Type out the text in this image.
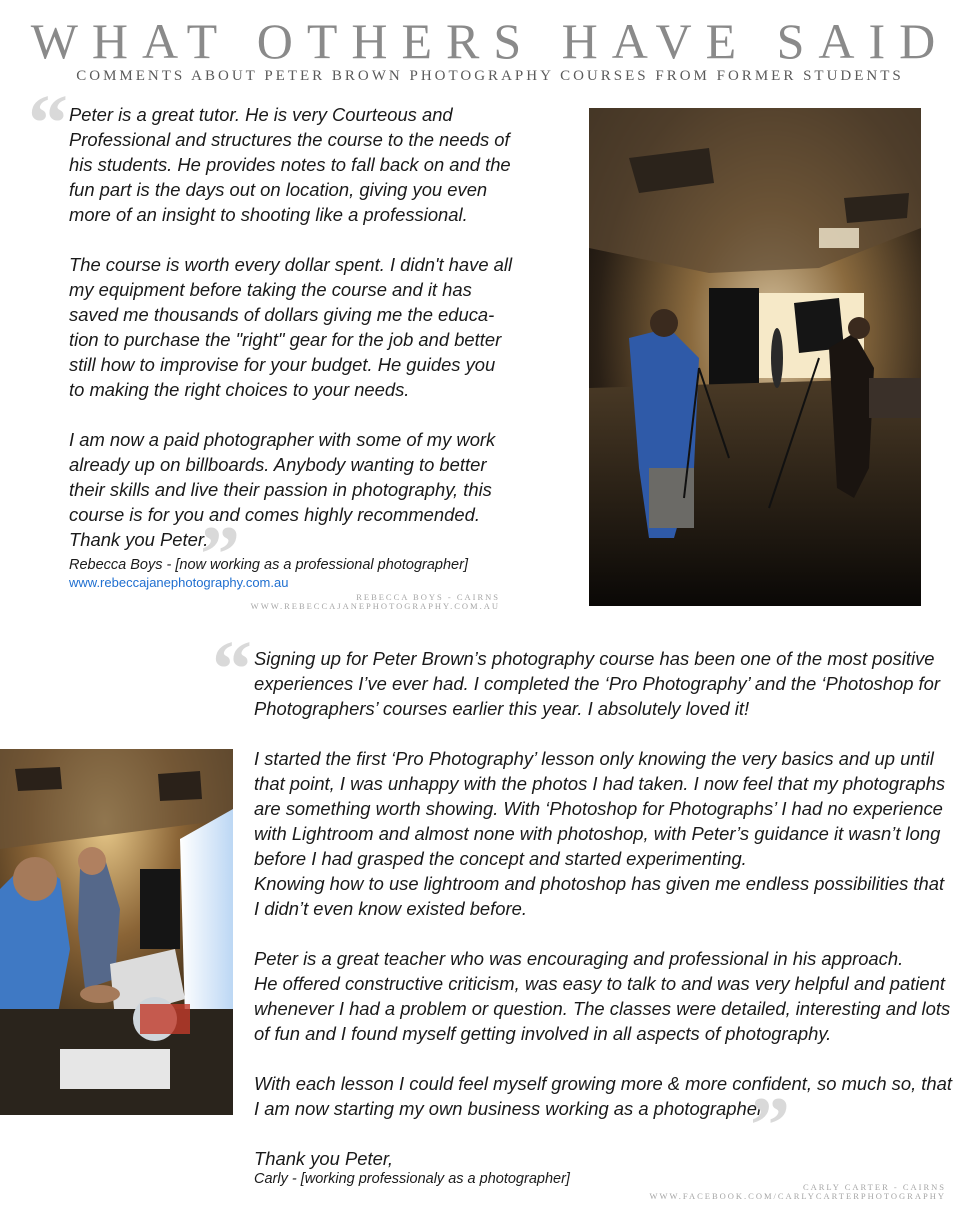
WHAT OTHERS HAVE SAID
COMMENTS ABOUT PETER BROWN PHOTOGRAPHY COURSES FROM FORMER STUDENTS
“ Peter is a great tutor. He is very Courteous and Professional and structures the course to the needs of his students. He provides notes to fall back on and the fun part is the days out on location, giving you even more of an insight to shooting like a professional.

The course is worth every dollar spent. I didn't have all my equipment before taking the course and it has saved me thousands of dollars giving me the educa-tion to purchase the "right" gear for the job and better still how to improvise for your budget. He guides you to making the right choices to your needs.

I am now a paid photographer with some of my work already up on billboards. Anybody wanting to better their skills and live their passion in photography, this course is for you and comes highly recommended. Thank you Peter.

”
Rebecca Boys - [now working as a professional photographer]
www.rebeccajanephotography.com.au
REBECCA BOYS - CAIRNS
WWW.REBECCAJANEPHOTOGRAPHY.COM.AU
“ Signing up for Peter Brown’s photography course has been one of the most positive experiences I’ve ever had. I completed the ‘Pro Photography’ and the ‘Photoshop for Photographers’ courses earlier this year. I absolutely loved it!

I started the first ‘Pro Photography’ lesson only knowing the very basics and up until that point, I was unhappy with the photos I had taken. I now feel that my photographs are something worth showing. With ‘Photoshop for Photographs’ I had no experience with Lightroom and almost none with photoshop, with Peter’s guidance it wasn’t long before I had grasped the concept and started experimenting.

Knowing how to use lightroom and photoshop has given me endless possibilities that I didn’t even know existed before.

Peter is a great teacher who was encouraging and professional in his approach.

He offered constructive criticism, was easy to talk to and was very helpful and patient whenever I had a problem or question. The classes were detailed, interesting and lots of fun and I found myself getting involved in all aspects of photography.

With each lesson I could feel myself growing more & more confident, so much so, that I am now starting my own business working as a photographer.

Thank you Peter,	”
Carly - [working professionaly as a photographer]	CARLY CARTER - CAIRNS
WWW.FACEBOOK.COM/CARLYCARTERPHOTOGRAPHY
